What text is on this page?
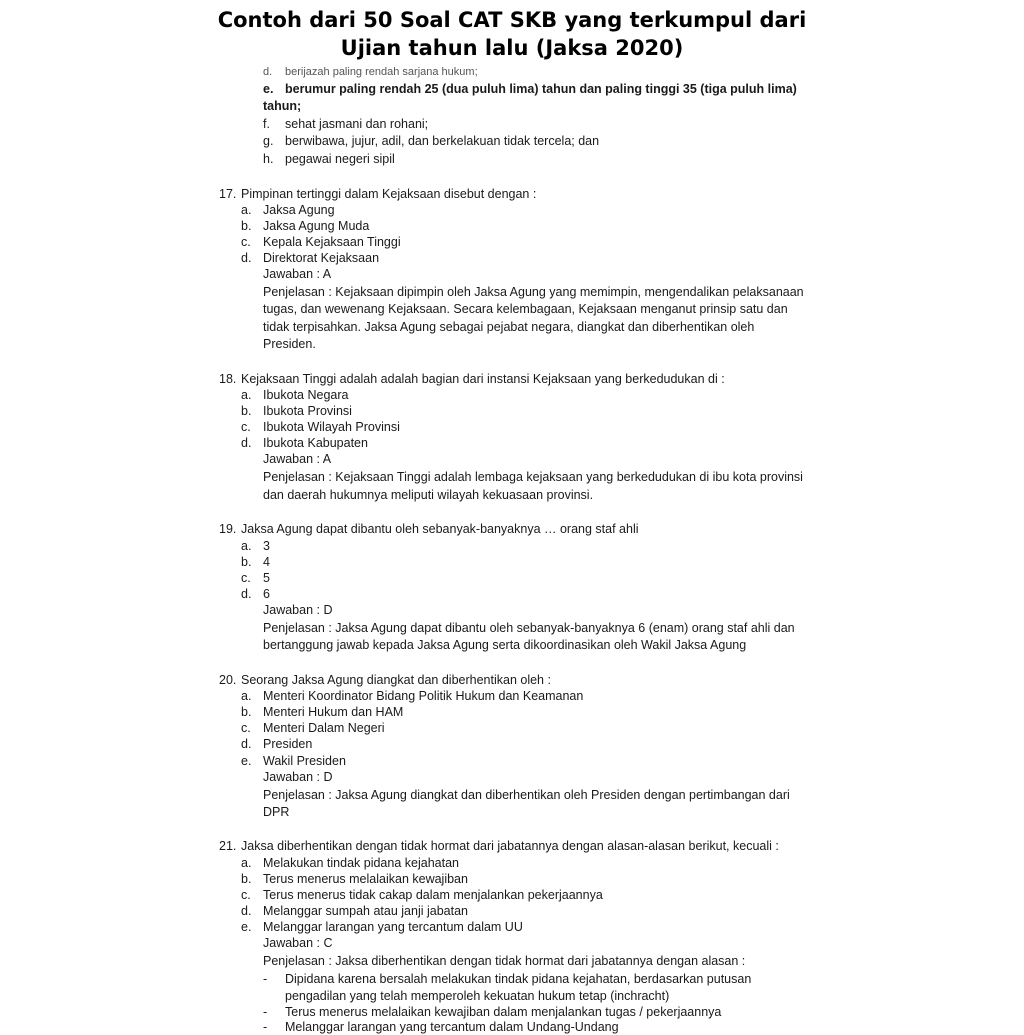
Contoh dari 50 Soal CAT SKB yang terkumpul dari
Ujian tahun lalu (Jaksa 2020)
d. berijazah paling rendah sarjana hukum;
e. berumur paling rendah 25 (dua puluh lima) tahun dan paling tinggi 35 (tiga puluh lima)
tahun;
f. sehat jasmani dan rohani;
g. berwibawa, jujur, adil, dan berkelakuan tidak tercela; dan
h. pegawai negeri sipil
17. Pimpinan tertinggi dalam Kejaksaan disebut dengan :
a. Jaksa Agung
b. Jaksa Agung Muda
c. Kepala Kejaksaan Tinggi
d. Direktorat Kejaksaan
Jawaban : A
Penjelasan : Kejaksaan dipimpin oleh Jaksa Agung yang memimpin, mengendalikan pelaksanaan
tugas, dan wewenang Kejaksaan. Secara kelembagaan, Kejaksaan menganut prinsip satu dan
tidak terpisahkan. Jaksa Agung sebagai pejabat negara, diangkat dan diberhentikan oleh
Presiden.
18. Kejaksaan Tinggi adalah adalah bagian dari instansi Kejaksaan yang berkedudukan di :
a. Ibukota Negara
b. Ibukota Provinsi
c. Ibukota Wilayah Provinsi
d. Ibukota Kabupaten
Jawaban : A
Penjelasan : Kejaksaan Tinggi adalah lembaga kejaksaan yang berkedudukan di ibu kota provinsi
dan daerah hukumnya meliputi wilayah kekuasaan provinsi.
19. Jaksa Agung dapat dibantu oleh sebanyak-banyaknya … orang staf ahli
a. 3
b. 4
c. 5
d. 6
Jawaban : D
Penjelasan : Jaksa Agung dapat dibantu oleh sebanyak-banyaknya 6 (enam) orang staf ahli dan
bertanggung jawab kepada Jaksa Agung serta dikoordinasikan oleh Wakil Jaksa Agung
20. Seorang Jaksa Agung diangkat dan diberhentikan oleh :
a. Menteri Koordinator Bidang Politik Hukum dan Keamanan
b. Menteri Hukum dan HAM
c. Menteri Dalam Negeri
d. Presiden
e. Wakil Presiden
Jawaban : D
Penjelasan : Jaksa Agung diangkat dan diberhentikan oleh Presiden dengan pertimbangan dari
DPR
21. Jaksa diberhentikan dengan tidak hormat dari jabatannya dengan alasan-alasan berikut, kecuali :
a. Melakukan tindak pidana kejahatan
b. Terus menerus melalaikan kewajiban
c. Terus menerus tidak cakap dalam menjalankan pekerjaannya
d. Melanggar sumpah atau janji jabatan
e. Melanggar larangan yang tercantum dalam UU
Jawaban : C
Penjelasan : Jaksa diberhentikan dengan tidak hormat dari jabatannya dengan alasan :
- Dipidana karena bersalah melakukan tindak pidana kejahatan, berdasarkan putusan
pengadilan yang telah memperoleh kekuatan hukum tetap (inchracht)
- Terus menerus melalaikan kewajiban dalam menjalankan tugas / pekerjaannya
- Melanggar larangan yang tercantum dalam Undang-Undang
